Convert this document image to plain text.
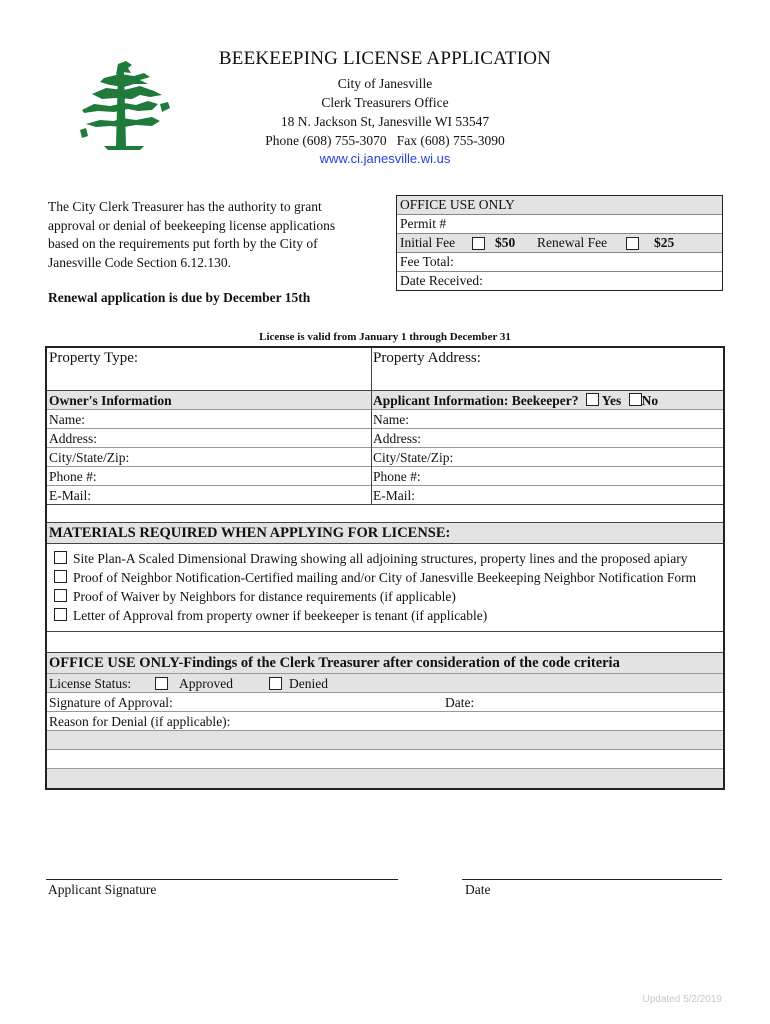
BEEKEEPING LICENSE APPLICATION
City of Janesville
Clerk Treasurers Office
18 N. Jackson St, Janesville WI 53547
Phone (608) 755-3070   Fax (608) 755-3090
www.ci.janesville.wi.us
The City Clerk Treasurer has the authority to grant approval or denial of beekeeping license applications based on the requirements put forth by the City of Janesville Code Section 6.12.130.
Renewal application is due by December 15th
OFFICE USE ONLY
Permit #
Initial Fee	$50 Renewal Fee	$25
Fee Total:
Date Received:
License is valid from January 1 through December 31
Property Type:	Property Address:
Owner's Information	Applicant Information: Beekeeper? Yes No
Name:	Name:
Address:	Address:
City/State/Zip:	City/State/Zip:
Phone #:	Phone #:
E-Mail:	E-Mail:
MATERIALS REQUIRED WHEN APPLYING FOR LICENSE:
Site Plan-A Scaled Dimensional Drawing showing all adjoining structures, property lines and the proposed apiary
Proof of Neighbor Notification-Certified mailing and/or City of Janesville Beekeeping Neighbor Notification Form
Proof of Waiver by Neighbors for distance requirements (if applicable)
Letter of Approval from property owner if beekeeper is tenant (if applicable)
OFFICE USE ONLY-Findings of the Clerk Treasurer after consideration of the code criteria
License Status:	Approved	Denied
Signature of Approval:	Date:
Reason for Denial (if applicable):
Applicant Signature	Date
Updated 5/2/2019
